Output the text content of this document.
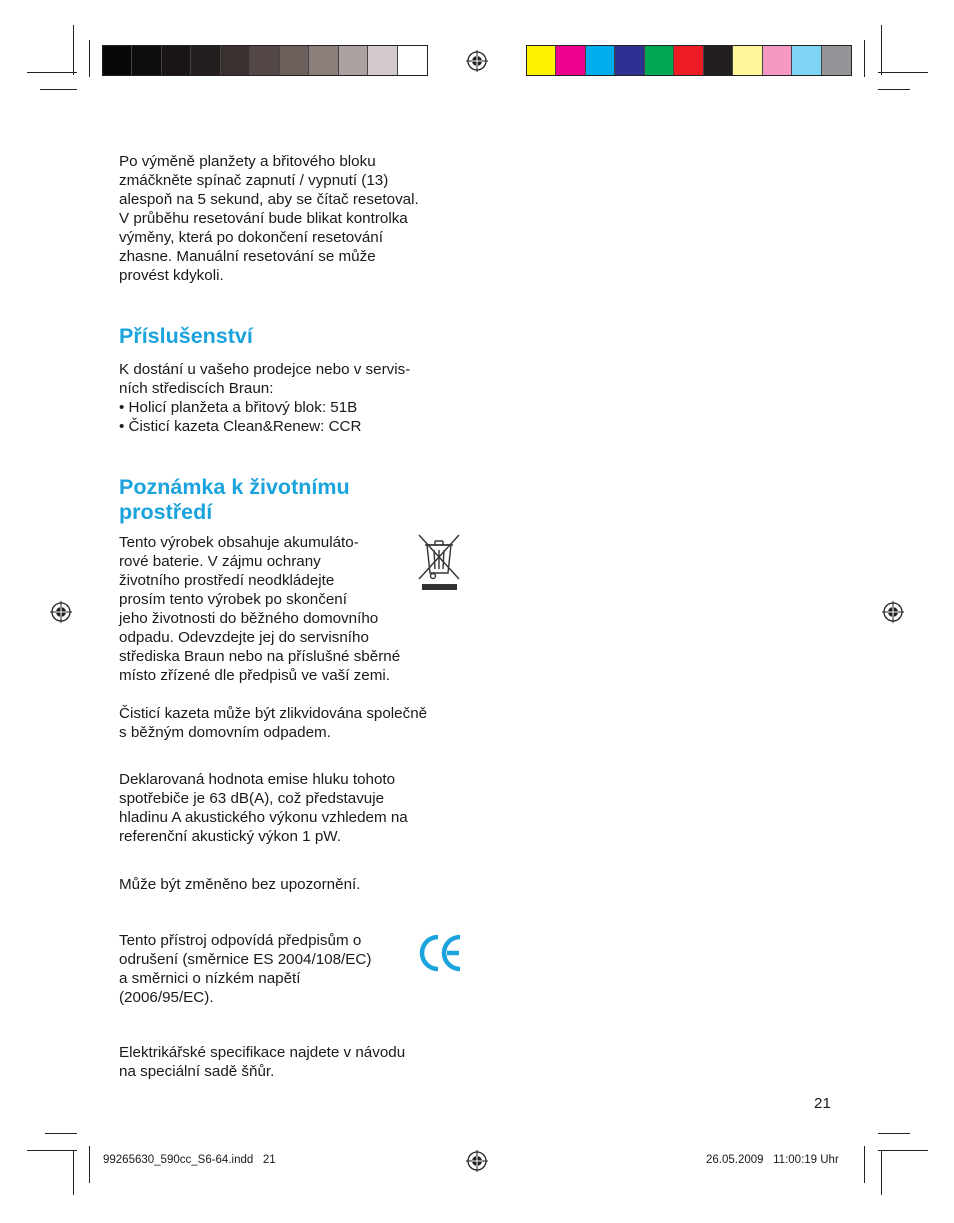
Po výměně planžety a břitového bloku
zmáčkněte spínač zapnutí / vypnutí (13)
alespoň na 5 sekund, aby se čítač resetoval.
V průběhu resetování bude blikat kontrolka
výměny, která po dokončení resetování
zhasne. Manuální resetování se může
provést kdykoli.
Příslušenství
K dostání u vašeho prodejce nebo v servis-
ních střediscích Braun:
• Holicí planžeta a břitový blok: 51B
• Čisticí kazeta Clean&Renew: CCR
Poznámka k životnímu
prostředí
Tento výrobek obsahuje akumuláto-
rové baterie. V zájmu ochrany
životního prostředí neodkládejte
prosím tento výrobek po skončení
jeho životnosti do běžného domovního
odpadu. Odevzdejte jej do servisního
střediska Braun nebo na příslušné sběrné
místo zřízené dle předpisů ve vaší zemi.
Čisticí kazeta může být zlikvidována společně
s běžným domovním odpadem.
Deklarovaná hodnota emise hluku tohoto
spotřebiče je 63 dB(A), což představuje
hladinu A akustického výkonu vzhledem na
referenční akustický výkon 1 pW.
Může být změněno bez upozornění.
Tento přístroj odpovídá předpisům o
odrušení (směrnice ES 2004/108/EC)
a směrnici o nízkém napětí
(2006/95/EC).
Elektrikářské specifikace najdete v návodu
na speciální sadě šňůr.
21
99265630_590cc_S6-64.indd   21	26.05.2009   11:00:19 Uhr
